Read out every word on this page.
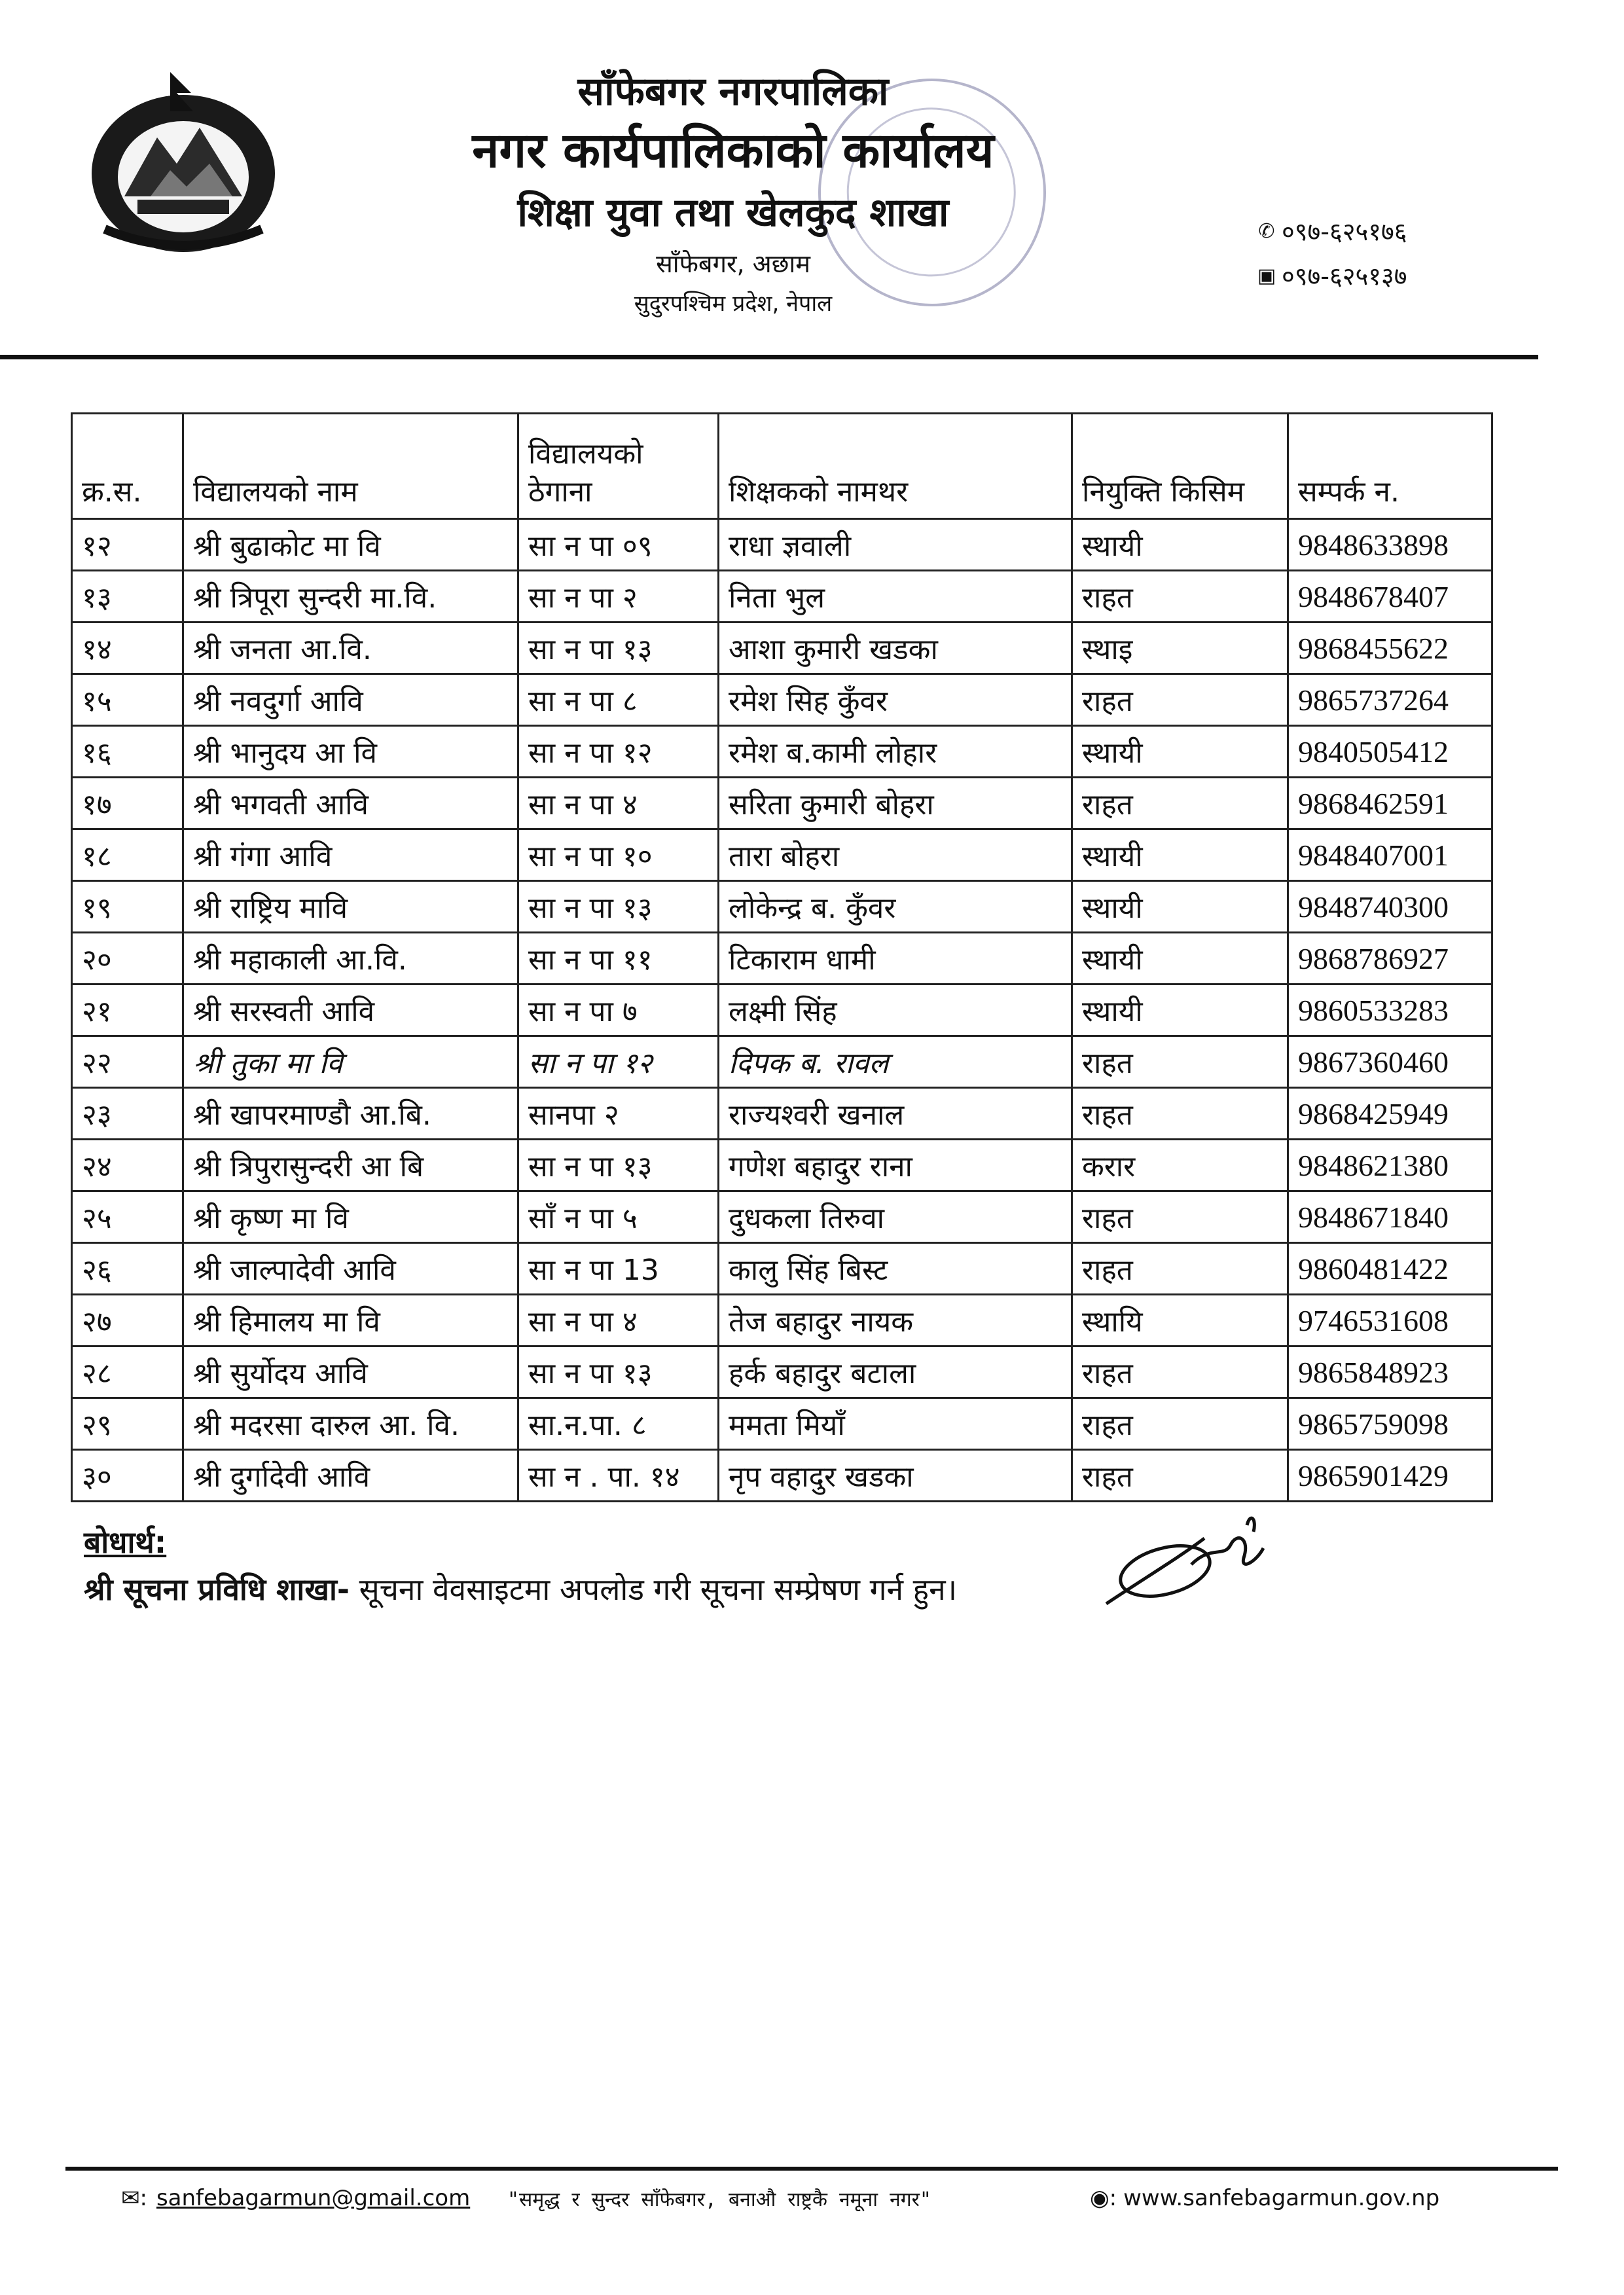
साँफेबगर नगरपालिका
नगर कार्यपालिकाको कार्यालय
शिक्षा युवा तथा खेलकुद शाखा
साँफेबगर, अछाम
सुदुरपश्चिम प्रदेश, नेपाल
✆ ०९७-६२५१७६
▣ ०९७-६२५१३७
क्र.स.	विद्यालयको नाम	विद्यालयको ठेगाना	शिक्षकको नामथर	नियुक्ति किसिम	सम्पर्क न.
१२	श्री बुढाकोट मा वि	सा न पा ०९	राधा ज्ञवाली	स्थायी	9848633898
१३	श्री त्रिपूरा सुन्दरी मा.वि.	सा न पा २	निता भुल	राहत	9848678407
१४	श्री जनता आ.वि.	सा न पा १३	आशा कुमारी खडका	स्थाइ	9868455622
१५	श्री नवदुर्गा आवि	सा न पा ८	रमेश सिह कुँवर	राहत	9865737264
१६	श्री भानुदय आ वि	सा न पा १२	रमेश ब.कामी लोहार	स्थायी	9840505412
१७	श्री भगवती आवि	सा न पा ४	सरिता कुमारी बोहरा	राहत	9868462591
१८	श्री गंगा आवि	सा न पा १०	तारा बोहरा	स्थायी	9848407001
१९	श्री राष्ट्रिय मावि	सा न पा १३	लोकेन्द्र ब. कुँवर	स्थायी	9848740300
२०	श्री महाकाली आ.वि.	सा न पा ११	टिकाराम धामी	स्थायी	9868786927
२१	श्री सरस्वती आवि	सा न पा ७	लक्ष्मी सिंह	स्थायी	9860533283
२२	श्री तुका मा वि	सा न पा १२	दिपक ब. रावल	राहत	9867360460
२३	श्री खापरमाण्डौ आ.बि.	सानपा २	राज्यश्वरी खनाल	राहत	9868425949
२४	श्री त्रिपुरासुन्दरी आ बि	सा न पा १३	गणेश बहादुर राना	करार	9848621380
२५	श्री कृष्ण मा वि	साँ न पा ५	दुधकला तिरुवा	राहत	9848671840
२६	श्री जाल्पादेवी आवि	सा न पा 13	कालु सिंह बिस्ट	राहत	9860481422
२७	श्री हिमालय मा वि	सा न पा ४	तेज बहादुर नायक	स्थायि	9746531608
२८	श्री सुर्योदय आवि	सा न पा १३	हर्क बहादुर बटाला	राहत	9865848923
२९	श्री मदरसा दारुल आ. वि.	सा.न.पा. ८	ममता मियाँ	राहत	9865759098
३०	श्री दुर्गादेवी आवि	सा न . पा. १४	नृप वहादुर खडका	राहत	9865901429
बोधार्थ:
श्री सूचना प्रविधि शाखा- सूचना वेवसाइटमा अपलोड गरी सूचना सम्प्रेषण गर्न हुन।
✉: sanfebagarmun@gmail.com "समृद्ध र सुन्दर साँफेबगर, बनाऔ राष्ट्रकै नमूना नगर"	◉: www.sanfebagarmun.gov.np
